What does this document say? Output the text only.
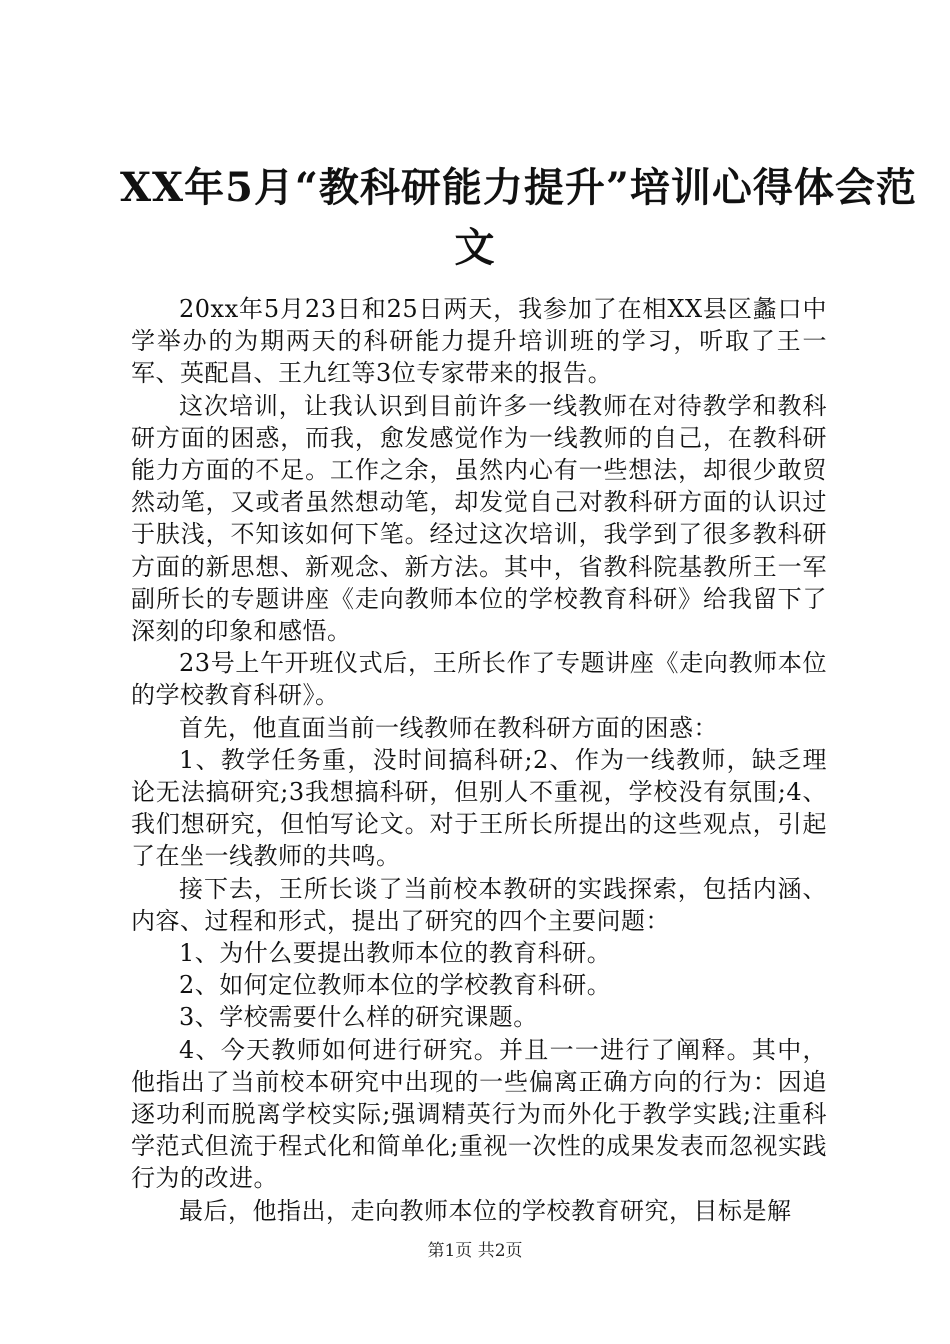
XX年5月“教科研能力提升”培训心得体会范
文

20xx年5月23日和25日两天，我参加了在相XX县区蠡口中学举办的为期两天的科研能力提升培训班的学习，听取了王一军、英配昌、王九红等3位专家带来的报告。

这次培训，让我认识到目前许多一线教师在对待教学和教科研方面的困惑，而我，愈发感觉作为一线教师的自己，在教科研能力方面的不足。工作之余，虽然内心有一些想法，却很少敢贸然动笔，又或者虽然想动笔，却发觉自己对教科研方面的认识过于肤浅，不知该如何下笔。经过这次培训，我学到了很多教科研方面的新思想、新观念、新方法。其中，省教科院基教所王一军副所长的专题讲座《走向教师本位的学校教育科研》给我留下了深刻的印象和感悟。

23号上午开班仪式后，王所长作了专题讲座《走向教师本位的学校教育科研》。

首先，他直面当前一线教师在教科研方面的困惑：

1、教学任务重，没时间搞科研;2、作为一线教师，缺乏理论无法搞研究;3我想搞科研，但别人不重视，学校没有氛围;4、我们想研究，但怕写论文。对于王所长所提出的这些观点，引起了在坐一线教师的共鸣。

接下去，王所长谈了当前校本教研的实践探索，包括内涵、内容、过程和形式，提出了研究的四个主要问题：

1、为什么要提出教师本位的教育科研。

2、如何定位教师本位的学校教育科研。

3、学校需要什么样的研究课题。

4、今天教师如何进行研究。并且一一进行了阐释。其中，他指出了当前校本研究中出现的一些偏离正确方向的行为：因追逐功利而脱离学校实际;强调精英行为而外化于教学实践;注重科学范式但流于程式化和简单化;重视一次性的成果发表而忽视实践行为的改进。

最后，他指出，走向教师本位的学校教育研究，目标是解

第1页 共2页
